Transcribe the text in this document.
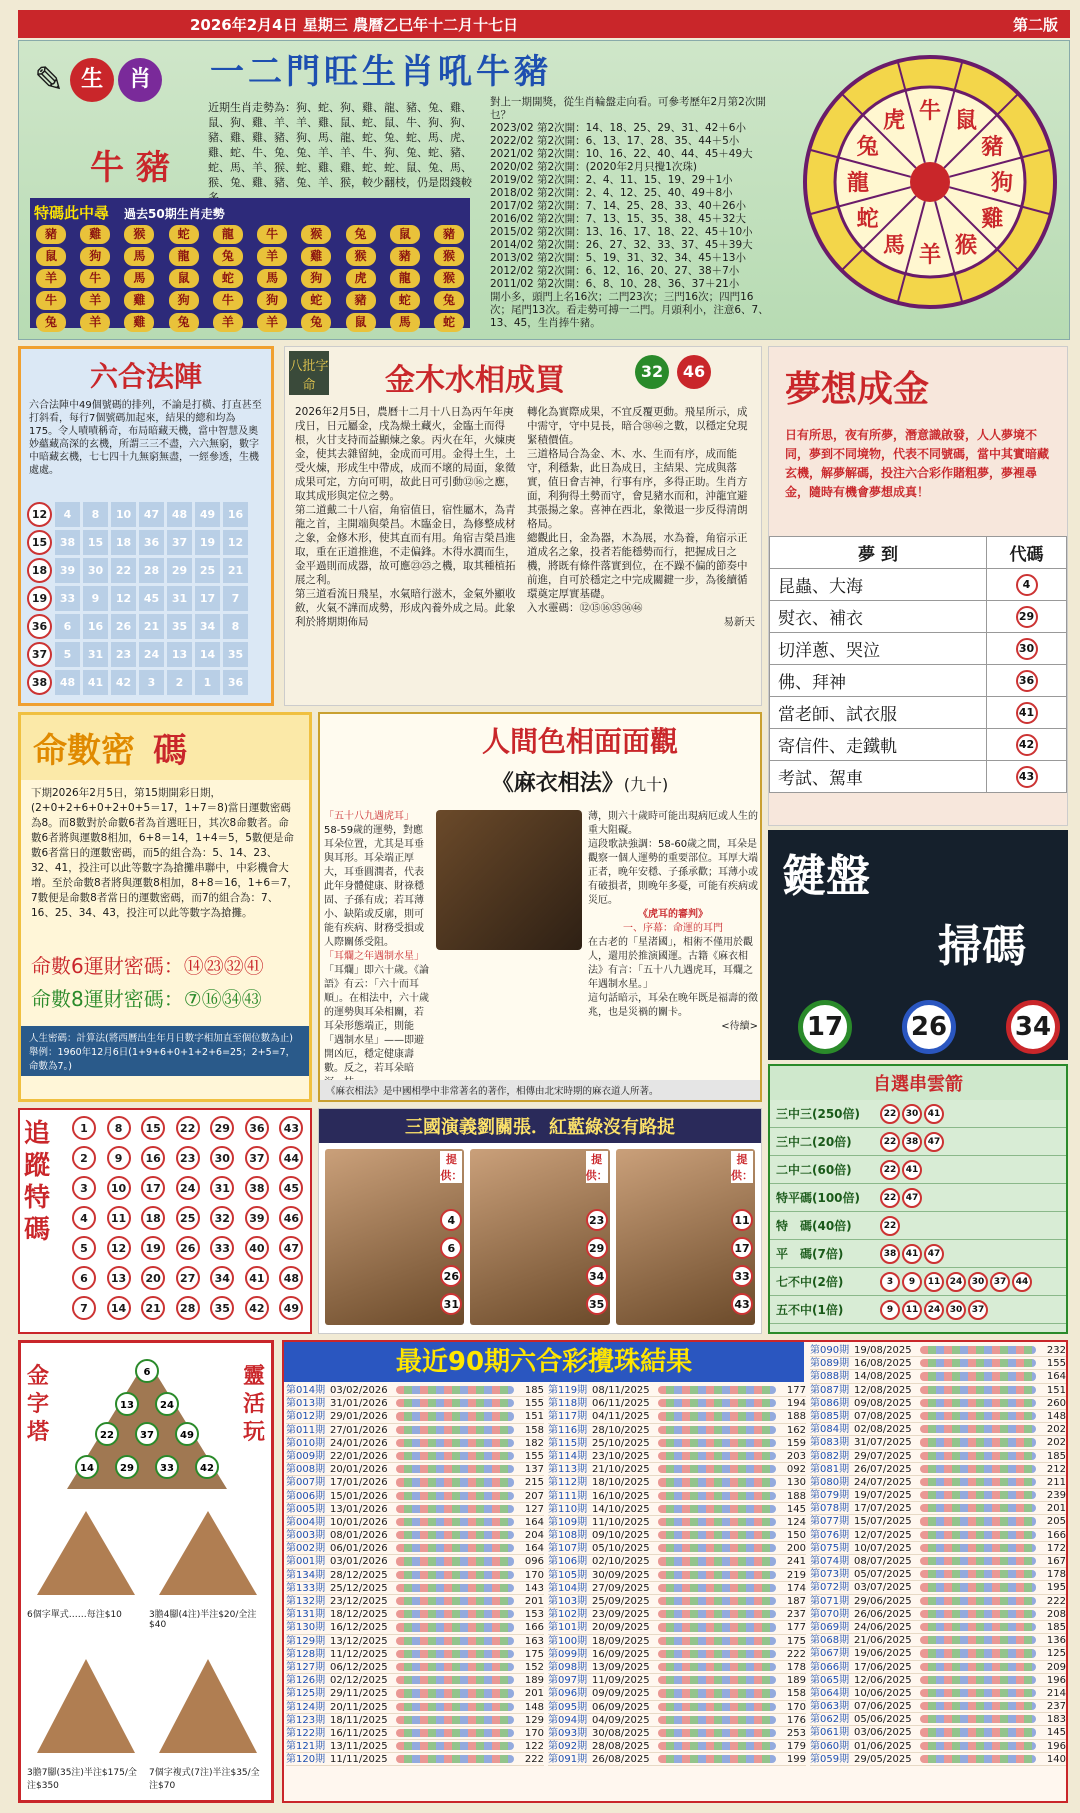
2026年2月4日 星期三 農曆乙巳年十二月十七日	第二版
✎ 生	肖
牛 豬
一二門旺生肖吼牛豬
近期生肖走勢為：狗、蛇、狗、雞、龍、豬、兔、雞、鼠、狗、雞、羊、羊、雞、鼠、蛇、鼠、牛、狗、狗、豬、雞、雞、豬、狗、馬、龍、蛇、兔、蛇、馬、虎、雞、蛇、牛、兔、兔、羊、羊、牛、狗、兔、蛇、豬、蛇、馬、羊、猴、蛇、雞、雞、蛇、蛇、鼠、兔、馬、猴、兔、雞、豬、兔、羊、猴，較少翻枝，仍是悶錢較
特碼此中尋　 過去50期生肖走勢
豬	雞	猴	蛇	龍	牛	猴	兔	鼠	豬
鼠	狗	馬	龍	兔	羊	雞	猴	豬	猴
羊	牛	馬	鼠	蛇	馬	狗	虎	龍	猴
牛	羊	雞	狗	牛	狗	蛇	豬	蛇	兔
兔	羊	雞	兔	羊	羊	兔	鼠	馬	蛇
對上一期開獎，從生肖輪盤走向看。可參考歷年2月第2次開乜？
2023/02 第2次開：14、18、25、29、31、42＋6小
2022/02 第2次開：6、13、17、28、35、44＋5小
2021/02 第2次開：10、16、22、40、44、45＋49大
2020/02 第2次開：(2020年2月只攪1次珠)
2019/02 第2次開：2、4、11、15、19、29＋1小
2018/02 第2次開：2、4、12、25、40、49＋8小
2017/02 第2次開：7、14、25、28、33、40＋26小
2016/02 第2次開：7、13、15、35、38、45＋32大
2015/02 第2次開：13、16、17、18、22、45＋10小
2014/02 第2次開：26、27、32、33、37、45＋39大
2013/02 第2次開：5、19、31、32、34、45＋13小
2012/02 第2次開：6、12、16、20、27、38＋7小
2011/02 第2次開：6、8、10、28、36、37＋21小
開小多，頭門上名16次；二門23次；三門16次；四門16次；尾門13次。看走勢可搏一二門。月頭利小，注意6、7、13、45，生肖捧牛豬。
牛 鼠
豬
狗
雞
猴
羊
馬
蛇
龍
兔
虎
六合法陣
六合法陣中49個號碼的排列，不論是打橫、打直甚至打斜看，每行7個號碼加起來，結果的總和均為175。令人嘖嘖稱奇，布局暗藏天機，當中智慧及奧妙蘊藏高深的玄機，所謂三三不盡，六六無窮，數字中暗藏玄機，七七四十九無窮無盡，一經參透，生機處處。
12	4	8	10	47	48	49	16
15	38	15	18	36	37	19	12
18	39	30	22	28	29	25	21
19	33	9	12	45	31	17	7
36	6	16	26	21	35	34	8
37	5	31	23	24	13	14	35
38	48	41	42	3	2	1	36
八批字命	金木水相成買	32	46

2026年2月5日，農曆十二月十八日為丙午年庚戌日，日元屬金，戌為燥土藏火，金臨土而得根，火甘支持而益顯煉之象。丙火在年，火煉庚金，使其去雜留純，金成而可用。金得土生，土受火煉，形成生中帶成，成而不壞的局面，象徵成果可定，方向可明，故此日可引動⑫⑯之應，取其成形與定位之勢。

第二道戴二十八宿，角宿值日，宿性屬木，為青龍之首，主開端與榮昌。木臨金日，為修整成材之象，金修木形，使其直而有用。角宿吉榮昌進取，重在正道推進，不走偏鋒。木得水潤而生，金平過則而成器，故可應㉓㉕之機，取其種植拓展之利。

第三道看流日飛星，水氣暗行滋木，金氣外顯收斂，火氣不譁而成勢，形成內養外成之局。此象利於將期期佈局

轉化為實際成果，不宜反覆更動。飛星所示，成中需守，守中見長，暗合㊳㊻之數，以穩定兌現緊積價值。

三道格局合為金、木、水、生而有序，成而能守，利穩紮，此日為成日，主結果、完成與落實，值日會吉神，行事有序，多得正助。生肖方面，利狗得土勢而守，會見豬水而和，沖龍宜避其張揚之象。喜神在西北，象徵退一步反得清朗格局。

總觀此日，金為器，木為展，水為養，角宿示正道成名之象，投者若能穩勢而行，把握成日之機，將既有條件落實到位，在不躁不偏的節奏中前進，自可於穩定之中完成關鍵一步，為後續循環奠定厚實基礎。

入水靈碼：⑫⑮⑯㉟㊱㊻

易新天

夢想成金
日有所思，夜有所夢，潛意識啟發，人人夢境不同，夢到不同境物，代表不同號碼，當中其實暗藏玄機，解夢解碼，投注六合彩作賭粗夢，夢裡尋金，隨時有機會夢想成真！
夢 到	代碼
昆蟲、大海	4
熨衣、補衣	29
切洋蔥、哭泣	30
佛、拜神	36
當老師、試衣服	41
寄信件、走鐵軌	42
考試、駕車	43
鍵盤
掃碼
17	26	34
命數密 碼
下期2026年2月5日，第15期開彩日期，(2+0+2+6+0+2+0+5＝17，1+7＝8)當日運數密碼為8。而8數對於命數6者為首選旺日，其次8命數者。命數6者將與運數8相加，6+8＝14，1+4＝5，5數便是命數6者當日的運數密碼，而5的組合為：5、14、23、32、41，投注可以此等數字為搶攤串聯中，中彩機會大增。至於命數8者將與運數8相加，8+8＝16，1+6＝7，7數便是命數8者當日的運數密碼，而7的組合為：7、16、25、34、43，投注可以此等數字為搶攤。
命數6運財密碼：⑭㉓㉜㊶
命數8運財密碼：⑦⑯㉞㊸
人生密碼：計算法(將西曆出生年月日數字相加直至個位數為止)
舉例：1960年12月6日(1+9+6+0+1+2+6=25；2+5=7，命數為7。)
人間色相面面觀
《麻衣相法》(九十)

「五十八九遇虎耳」

58-59歲的運勢，對應耳朵位置，尤其是耳垂與耳形。耳朵端正厚大，耳垂圓潤者，代表此年身體健康、財祿穩固、子孫有成；若耳薄小、缺陷或反廓，則可能有疾病、財務受損或人際關係受阻。

「耳爛之年遇制水星」

「耳爛」即六十歲。《論語》有云：「六十而耳順」。在相法中，六十歲的運勢與耳朵相關，若耳朵形態端正，則能「遇制水星」——即避開凶厄，穩定健康壽數。反之，若耳朵暗

薄，則六十歲時可能出現病厄或人生的重大阻礙。

這段歌訣強調：58-60歲之間，耳朵是觀察一個人運勢的重要部位。耳厚大端正者，晚年安穩、子孫承歡；耳薄小或有破損者，則晚年多憂，可能有疾病或災厄。

《虎耳的審判》

一、序幕：命運的耳門

在古老的「星渚國」，相術不僅用於觀人，還用於推演國運。古籍《麻衣相法》有言：「五十八九遇虎耳，耳爛之年遇制水星。」

這句話暗示，耳朵在晚年既是福壽的徵兆，也是災禍的關卡。

<待續>

《麻衣相法》是中國相學中非常著名的著作，相傳由北宋時期的麻衣道人所著。
三國演義劉關張．紅藍綠沒有路捉
提供：
4
6
26
31
提供：
23
29
34
35
提供：
11
17
33
43
追蹤特碼
1	8	15	22	29	36	43
2	9	16	23	30	37	44
3	10	17	24	31	38	45
4	11	18	25	32	39	46
5	12	19	26	33	40	47
6	13	20	27	34	41	48
7	14	21	28	35	42	49
自選串雲箭
三中三(250倍)	22	30	41
三中二(20倍)	22	38	47
二中二(60倍)	22	41
特平碼(100倍)	22	47
特　碼(40倍)	22
平　碼(7倍)	38	41	47
七不中(2倍)	3	9	11	24	30	37	44
五不中(1倍)	9	11	24	30	37
金字塔
靈活玩
6
13	24
22	37	49
14	29	33	42
6個字單式……每注$10	3膽4腳(4注)半注$20/全注$40
3膽7腳(35注)半注$175/全注$350
7個字複式(7注)半注$35/全注$70
最近90期六合彩攪珠結果
第014期 03/02/2026	185
第013期 31/01/2026	155
第012期 29/01/2026	151
第011期 27/01/2026	158
第010期 24/01/2026	182
第009期 22/01/2026	155
第008期 20/01/2026	137
第007期 17/01/2026	215
第006期 15/01/2026	207
第005期 13/01/2026	127
第004期 10/01/2026	164
第003期 08/01/2026	204
第002期 06/01/2026	164
第001期 03/01/2026	096
第134期 28/12/2025	170
第133期 25/12/2025	143
第132期 23/12/2025	201
第131期 18/12/2025	153
第130期 16/12/2025	166
第129期 13/12/2025	163
第128期 11/12/2025	175
第127期 06/12/2025	152
第126期 02/12/2025	189
第125期 29/11/2025	201
第124期 20/11/2025	148
第123期 18/11/2025	129
第122期 16/11/2025	170
第121期 13/11/2025	122
第120期 11/11/2025	222
第119期 08/11/2025	177
第118期 06/11/2025	194
第117期 04/11/2025	188
第116期 28/10/2025	162
第115期 25/10/2025	159
第114期 23/10/2025	203
第113期 21/10/2025	092
第112期 18/10/2025	130
第111期 16/10/2025	188
第110期 14/10/2025	145
第109期 11/10/2025	124
第108期 09/10/2025	150
第107期 05/10/2025	200
第106期 02/10/2025	241
第105期 30/09/2025	219
第104期 27/09/2025	174
第103期 25/09/2025	187
第102期 23/09/2025	237
第101期 20/09/2025	177
第100期 18/09/2025	175
第099期 16/09/2025	222
第098期 13/09/2025	178
第097期 11/09/2025	189
第096期 09/09/2025	158
第095期 06/09/2025	170
第094期 04/09/2025	176
第093期 30/08/2025	253
第092期 28/08/2025	179
第091期 26/08/2025	199
第090期 19/08/2025	232
第089期 16/08/2025	155
第088期 14/08/2025	164
第087期 12/08/2025	151
第086期 09/08/2025	260
第085期 07/08/2025	148
第084期 02/08/2025	202
第083期 31/07/2025	202
第082期 29/07/2025	185
第081期 26/07/2025	212
第080期 24/07/2025	211
第079期 19/07/2025	239
第078期 17/07/2025	201
第077期 15/07/2025	205
第076期 12/07/2025	166
第075期 10/07/2025	172
第074期 08/07/2025	167
第073期 05/07/2025	178
第072期 03/07/2025	195
第071期 29/06/2025	222
第070期 26/06/2025	208
第069期 24/06/2025	185
第068期 21/06/2025	136
第067期 19/06/2025	125
第066期 17/06/2025	209
第065期 12/06/2025	196
第064期 10/06/2025	214
第063期 07/06/2025	237
第062期 05/06/2025	183
第061期 03/06/2025	145
第060期 01/06/2025	196
第059期 29/05/2025	140
